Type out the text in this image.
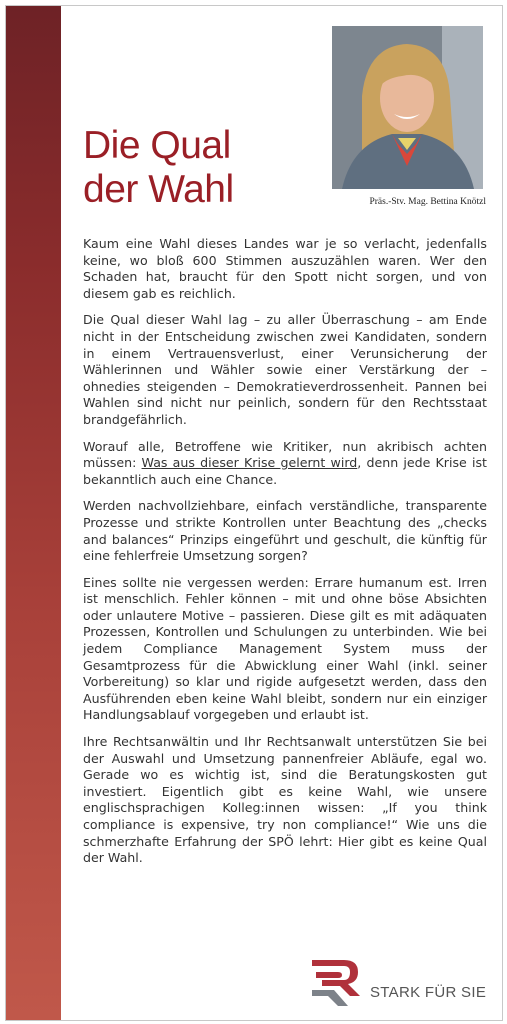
Die Qual
der Wahl	Präs.-Stv. Mag. Bettina Knötzl

Kaum eine Wahl dieses Landes war je so verlacht, jedenfalls keine, wo bloß 600 Stimmen auszuzählen waren. Wer den Schaden hat, braucht für den Spott nicht sorgen, und von diesem gab es reichlich.

Die Qual dieser Wahl lag – zu aller Überraschung – am Ende nicht in der Entscheidung zwischen zwei Kandidaten, sondern in einem Vertrauensverlust, einer Verunsicherung der Wählerinnen und Wähler sowie einer Verstärkung der – ohnedies steigenden – Demokratieverdrossenheit. Pannen bei Wahlen sind nicht nur peinlich, sondern für den Rechtsstaat brandgefährlich.

Worauf alle, Betroffene wie Kritiker, nun akribisch achten müssen: Was aus dieser Krise gelernt wird, denn jede Krise ist bekanntlich auch eine Chance.

Werden nachvollziehbare, einfach verständliche, transparente Prozesse und strikte Kontrollen unter Beachtung des „checks and balances“ Prinzips eingeführt und geschult, die künftig für eine fehlerfreie Umsetzung sorgen?

Eines sollte nie vergessen werden: Errare humanum est. Irren ist menschlich. Fehler können – mit und ohne böse Absichten oder unlautere Motive – passieren. Diese gilt es mit adäquaten Prozessen, Kontrollen und Schulungen zu unterbinden. Wie bei jedem Compliance Management System muss der Gesamtprozess für die Abwicklung einer Wahl (inkl. seiner Vorbereitung) so klar und rigide aufgesetzt werden, dass den Ausführenden eben keine Wahl bleibt, sondern nur ein einziger Handlungsablauf vorgegeben und erlaubt ist.

Ihre Rechtsanwältin und Ihr Rechtsanwalt unterstützen Sie bei der Auswahl und Umsetzung pannenfreier Abläufe, egal wo. Gerade wo es wichtig ist, sind die Beratungskosten gut investiert. Eigentlich gibt es keine Wahl, wie unsere englischsprachigen Kolleg:innen wissen: „If you think compliance is expensive, try non compliance!“ Wie uns die schmerzhafte Erfahrung der SPÖ lehrt: Hier gibt es keine Qual der Wahl.

STARK FÜR SIE
